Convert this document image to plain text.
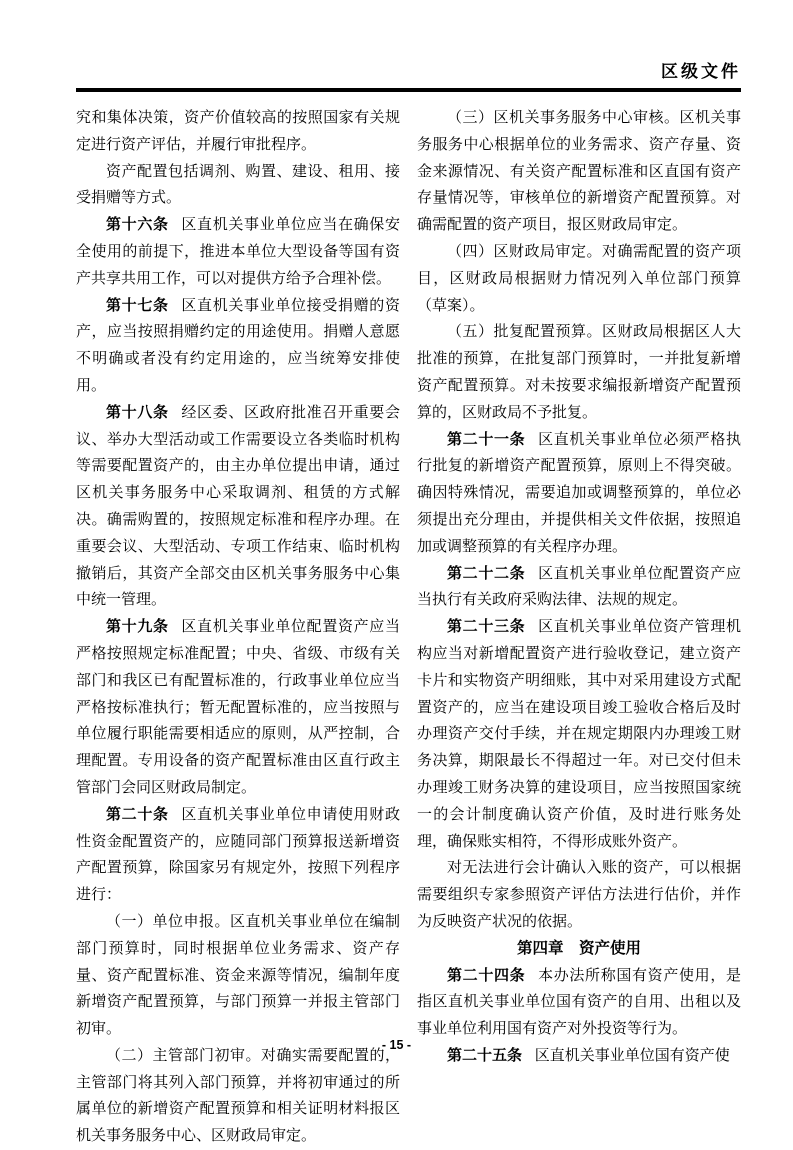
区级文件
究和集体决策，资产价值较高的按照国家有关规定进行资产评估，并履行审批程序。
资产配置包括调剂、购置、建设、租用、接受捐赠等方式。
第十六条 区直机关事业单位应当在确保安全使用的前提下，推进本单位大型设备等国有资产共享共用工作，可以对提供方给予合理补偿。
第十七条 区直机关事业单位接受捐赠的资产，应当按照捐赠约定的用途使用。捐赠人意愿不明确或者没有约定用途的，应当统筹安排使用。
第十八条 经区委、区政府批准召开重要会议、举办大型活动或工作需要设立各类临时机构等需要配置资产的，由主办单位提出申请，通过区机关事务服务中心采取调剂、租赁的方式解决。确需购置的，按照规定标准和程序办理。在重要会议、大型活动、专项工作结束、临时机构撤销后，其资产全部交由区机关事务服务中心集中统一管理。
第十九条 区直机关事业单位配置资产应当严格按照规定标准配置；中央、省级、市级有关部门和我区已有配置标准的，行政事业单位应当严格按标准执行；暂无配置标准的，应当按照与单位履行职能需要相适应的原则，从严控制，合理配置。专用设备的资产配置标准由区直行政主管部门会同区财政局制定。
第二十条 区直机关事业单位申请使用财政性资金配置资产的，应随同部门预算报送新增资产配置预算，除国家另有规定外，按照下列程序进行：
（一）单位申报。区直机关事业单位在编制部门预算时，同时根据单位业务需求、资产存量、资产配置标准、资金来源等情况，编制年度新增资产配置预算，与部门预算一并报主管部门初审。
（二）主管部门初审。对确实需要配置的，主管部门将其列入部门预算，并将初审通过的所属单位的新增资产配置预算和相关证明材料报区机关事务服务中心、区财政局审定。
（三）区机关事务服务中心审核。区机关事务服务中心根据单位的业务需求、资产存量、资金来源情况、有关资产配置标准和区直国有资产存量情况等，审核单位的新增资产配置预算。对确需配置的资产项目，报区财政局审定。
（四）区财政局审定。对确需配置的资产项目，区财政局根据财力情况列入单位部门预算（草案）。
（五）批复配置预算。区财政局根据区人大批准的预算，在批复部门预算时，一并批复新增资产配置预算。对未按要求编报新增资产配置预算的，区财政局不予批复。
第二十一条 区直机关事业单位必须严格执行批复的新增资产配置预算，原则上不得突破。确因特殊情况，需要追加或调整预算的，单位必须提出充分理由，并提供相关文件依据，按照追加或调整预算的有关程序办理。
第二十二条 区直机关事业单位配置资产应当执行有关政府采购法律、法规的规定。
第二十三条 区直机关事业单位资产管理机构应当对新增配置资产进行验收登记，建立资产卡片和实物资产明细账，其中对采用建设方式配置资产的，应当在建设项目竣工验收合格后及时办理资产交付手续，并在规定期限内办理竣工财务决算，期限最长不得超过一年。对已交付但未办理竣工财务决算的建设项目，应当按照国家统一的会计制度确认资产价值，及时进行账务处理，确保账实相符，不得形成账外资产。
对无法进行会计确认入账的资产，可以根据需要组织专家参照资产评估方法进行估价，并作为反映资产状况的依据。
第四章　资产使用
第二十四条 本办法所称国有资产使用，是指区直机关事业单位国有资产的自用、出租以及事业单位利用国有资产对外投资等行为。
第二十五条 区直机关事业单位国有资产使
- 15 -
